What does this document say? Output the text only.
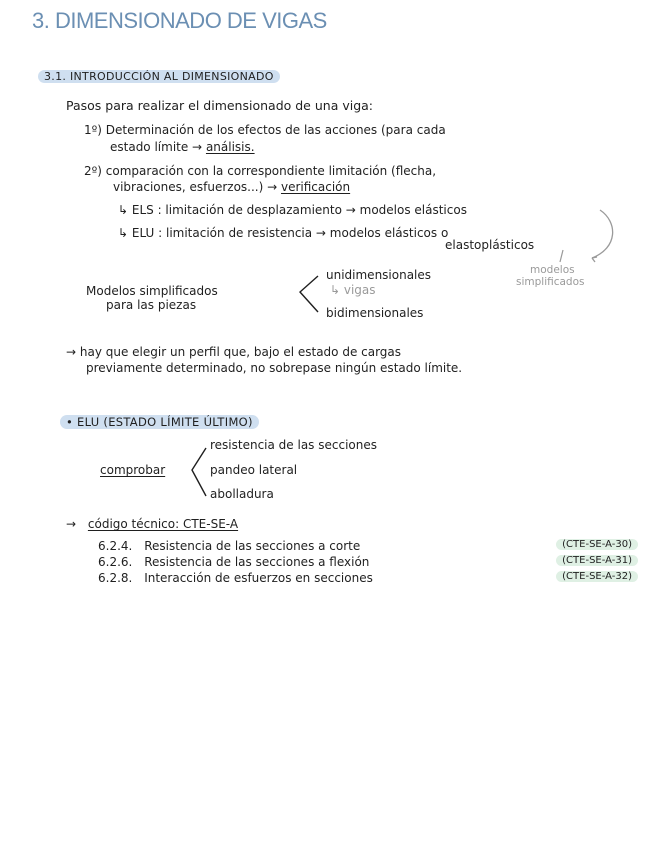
3. DIMENSIONADO DE VIGAS
3.1. INTRODUCCIÓN AL DIMENSIONADO
Pasos para realizar el dimensionado de una viga:
1º) Determinación de los efectos de las acciones (para cada
estado límite → análisis.
2º) comparación con la correspondiente limitación (flecha,
vibraciones, esfuerzos...) → verificación
↳ ELS : limitación de desplazamiento → modelos elásticos
↳ ELU : limitación de resistencia → modelos elásticos o
elastoplásticos
modelos
simplificados
Modelos simplificados
para las piezas
unidimensionales
↳ vigas
bidimensionales
→ hay que elegir un perfil que, bajo el estado de cargas
previamente determinado, no sobrepase ningún estado límite.
• ELU (ESTADO LÍMITE ÚLTIMO)
comprobar
resistencia de las secciones
pandeo lateral
abolladura
→ código técnico: CTE-SE-A
6.2.4. Resistencia de las secciones a corte	(CTE-SE-A-30)
6.2.6. Resistencia de las secciones a flexión	(CTE-SE-A-31)
6.2.8. Interacción de esfuerzos en secciones	(CTE-SE-A-32)
